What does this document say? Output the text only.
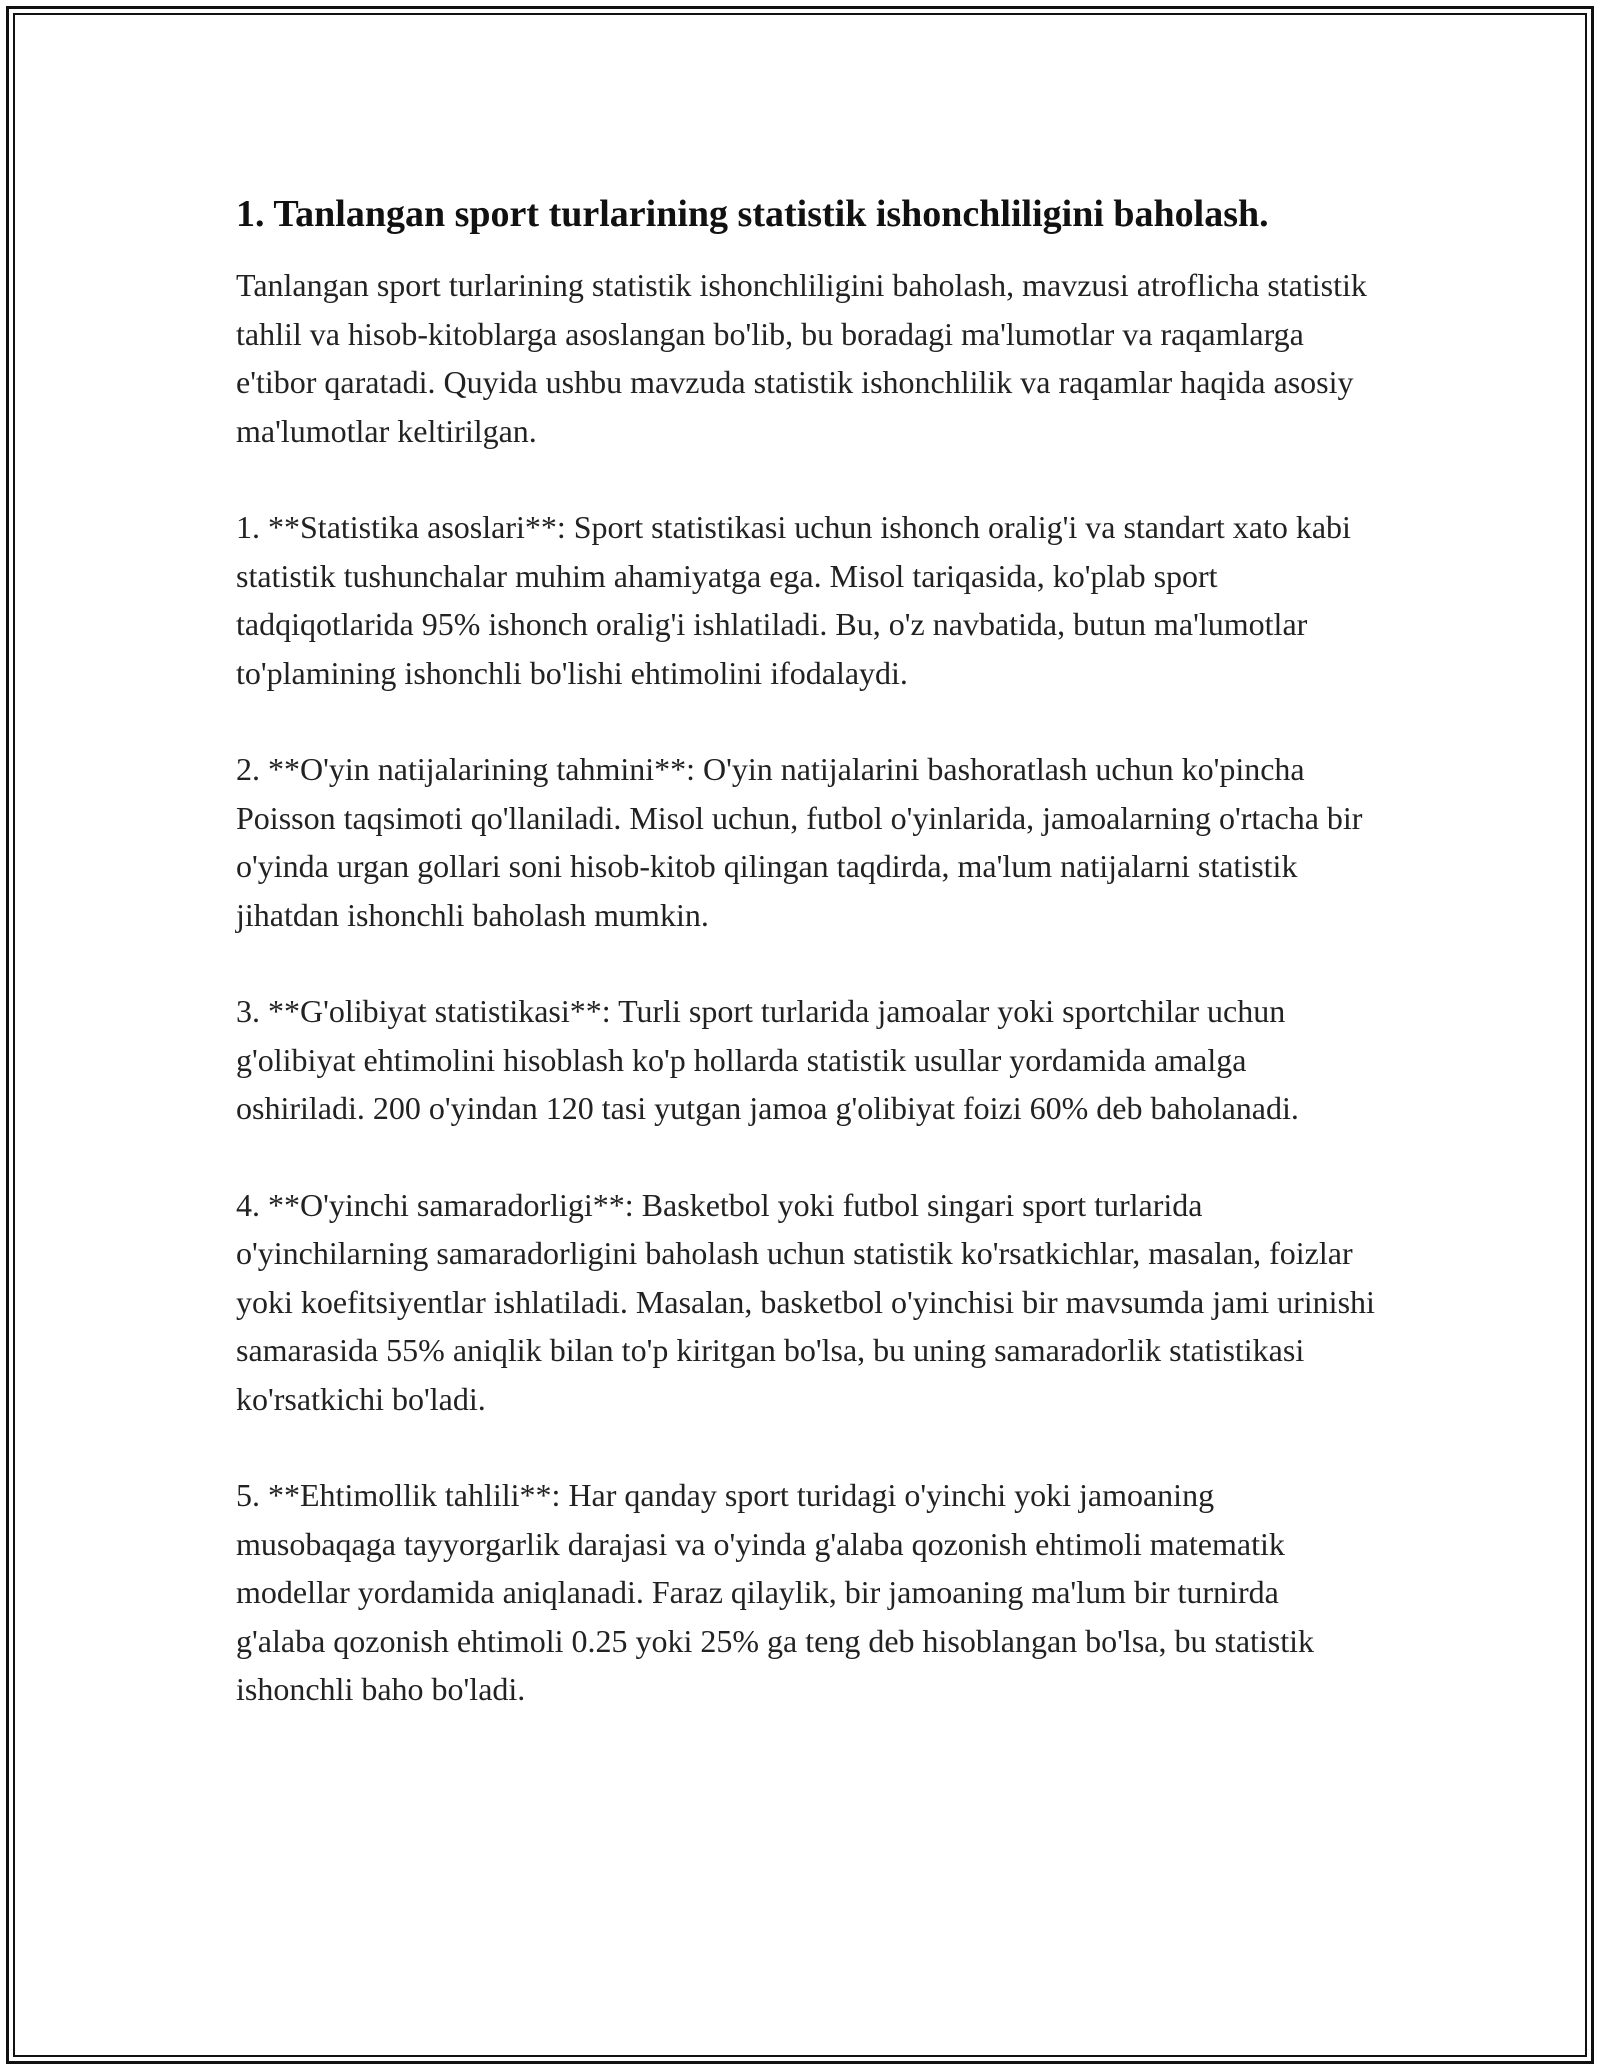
1. Tanlangan sport turlarining statistik ishonchliligini baholash.

Tanlangan sport turlarining statistik ishonchliligini baholash, mavzusi atroflicha statistik tahlil va hisob-kitoblarga asoslangan bo'lib, bu boradagi ma'lumotlar va raqamlarga e'tibor qaratadi. Quyida ushbu mavzuda statistik ishonchlilik va raqamlar haqida asosiy ma'lumotlar keltirilgan.

1. **Statistika asoslari**: Sport statistikasi uchun ishonch oralig'i va standart xato kabi statistik tushunchalar muhim ahamiyatga ega. Misol tariqasida, ko'plab sport tadqiqotlarida 95% ishonch oralig'i ishlatiladi. Bu, o'z navbatida, butun ma'lumotlar to'plamining ishonchli bo'lishi ehtimolini ifodalaydi.

2. **O'yin natijalarining tahmini**: O'yin natijalarini bashoratlash uchun ko'pincha Poisson taqsimoti qo'llaniladi. Misol uchun, futbol o'yinlarida, jamoalarning o'rtacha bir o'yinda urgan gollari soni hisob-kitob qilingan taqdirda, ma'lum natijalarni statistik jihatdan ishonchli baholash mumkin.

3. **G'olibiyat statistikasi**: Turli sport turlarida jamoalar yoki sportchilar uchun g'olibiyat ehtimolini hisoblash ko'p hollarda statistik usullar yordamida amalga oshiriladi. 200 o'yindan 120 tasi yutgan jamoa g'olibiyat foizi 60% deb baholanadi.

4. **O'yinchi samaradorligi**: Basketbol yoki futbol singari sport turlarida o'yinchilarning samaradorligini baholash uchun statistik ko'rsatkichlar, masalan, foizlar yoki koefitsiyentlar ishlatiladi. Masalan, basketbol o'yinchisi bir mavsumda jami urinishi samarasida 55% aniqlik bilan to'p kiritgan bo'lsa, bu uning samaradorlik statistikasi ko'rsatkichi bo'ladi.

5. **Ehtimollik tahlili**: Har qanday sport turidagi o'yinchi yoki jamoaning musobaqaga tayyorgarlik darajasi va o'yinda g'alaba qozonish ehtimoli matematik modellar yordamida aniqlanadi. Faraz qilaylik, bir jamoaning ma'lum bir turnirda g'alaba qozonish ehtimoli 0.25 yoki 25% ga teng deb hisoblangan bo'lsa, bu statistik ishonchli baho bo'ladi.
